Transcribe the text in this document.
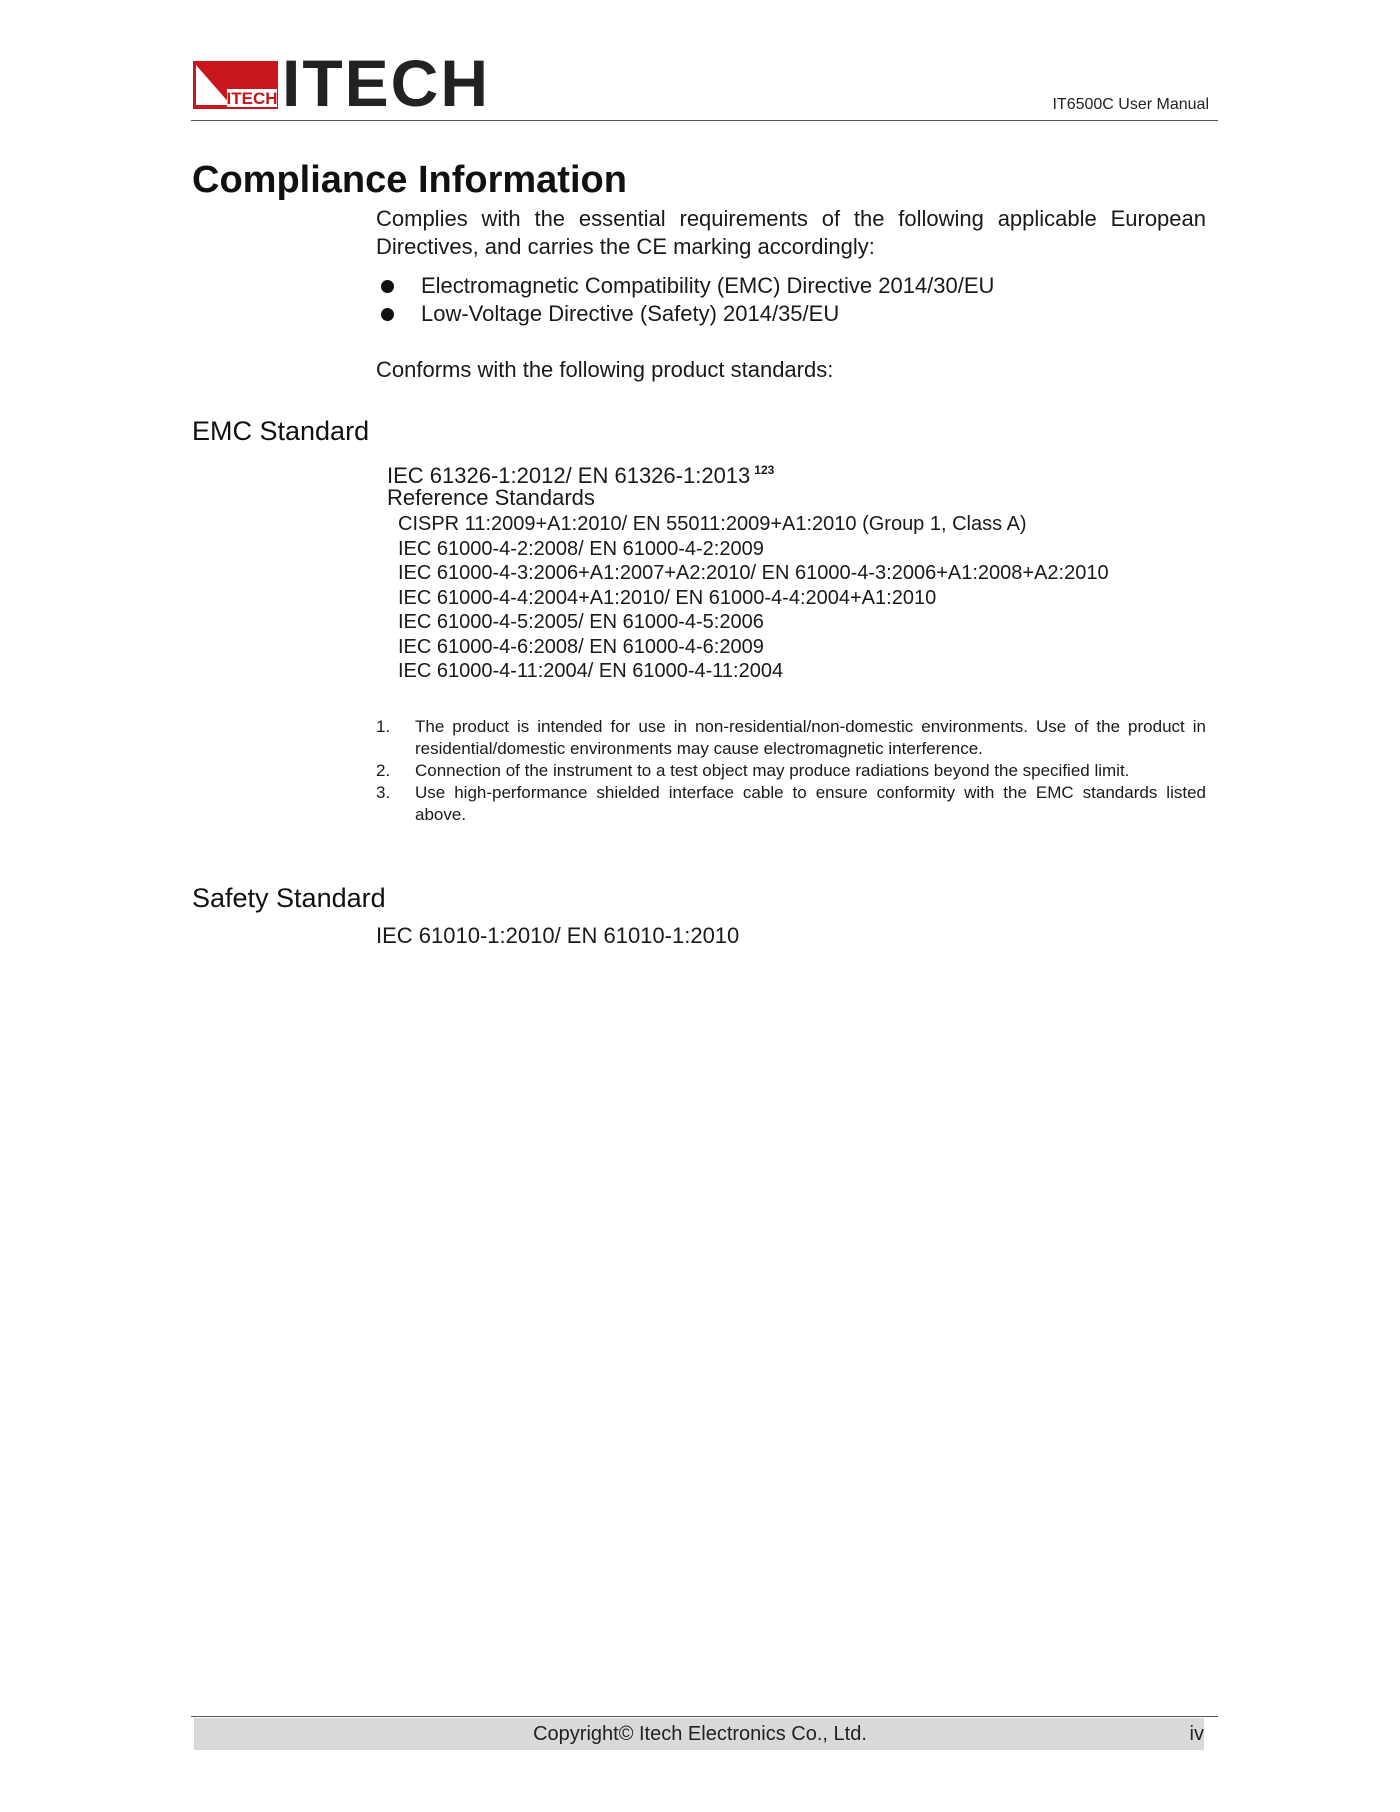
ITECH ITECH	IT6500C User Manual
Compliance Information
Complies with the essential requirements of the following applicable European Directives, and carries the CE marking accordingly:
Electromagnetic Compatibility (EMC) Directive 2014/30/EU
Low-Voltage Directive (Safety) 2014/35/EU
Conforms with the following product standards:
EMC Standard
IEC 61326-1:2012/ EN 61326-1:2013 $^{123}$
Reference Standards
CISPR 11:2009+A1:2010/ EN 55011:2009+A1:2010 (Group 1, Class A)
IEC 61000-4-2:2008/ EN 61000-4-2:2009
IEC 61000-4-3:2006+A1:2007+A2:2010/ EN 61000-4-3:2006+A1:2008+A2:2010
IEC 61000-4-4:2004+A1:2010/ EN 61000-4-4:2004+A1:2010
IEC 61000-4-5:2005/ EN 61000-4-5:2006
IEC 61000-4-6:2008/ EN 61000-4-6:2009
IEC 61000-4-11:2004/ EN 61000-4-11:2004
1. The product is intended for use in non-residential/non-domestic environments. Use of the product in residential/domestic environments may cause electromagnetic interference.
2. Connection of the instrument to a test object may produce radiations beyond the specified limit.
3. Use high-performance shielded interface cable to ensure conformity with the EMC standards listed above.
Safety Standard
IEC 61010-1:2010/ EN 61010-1:2010
Copyright© Itech Electronics Co., Ltd.	iv
